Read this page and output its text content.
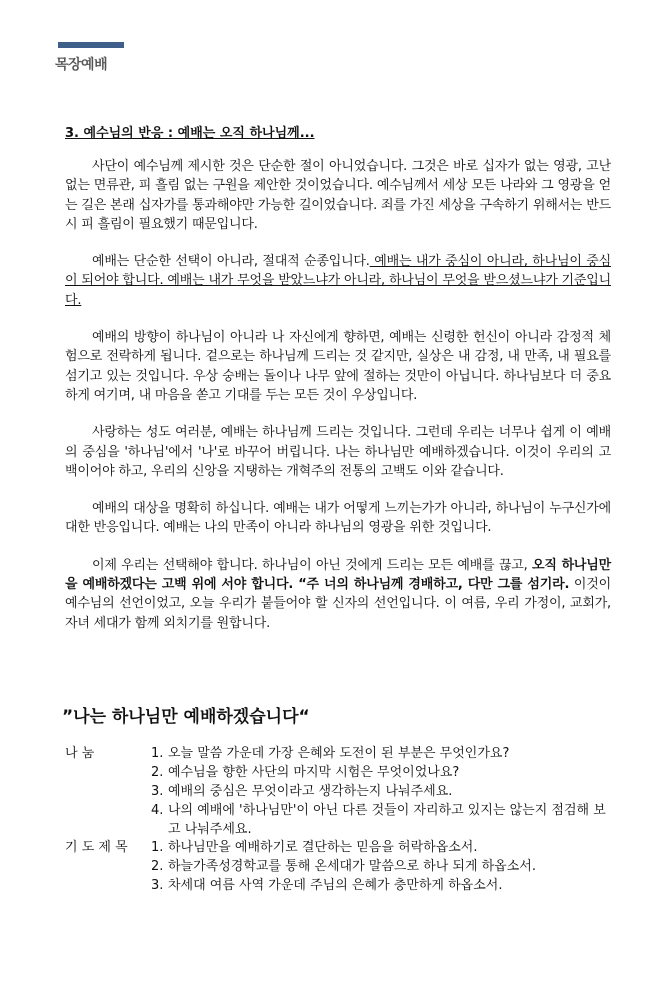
목장예배
3. 예수님의 반응 : 예배는 오직 하나님께...

사단이 예수님께 제시한 것은 단순한 절이 아니었습니다. 그것은 바로 십자가 없는 영광, 고난 없는 면류관, 피 흘림 없는 구원을 제안한 것이었습니다. 예수님께서 세상 모든 나라와 그 영광을 얻는 길은 본래 십자가를 통과해야만 가능한 길이었습니다. 죄를 가진 세상을 구속하기 위해서는 반드시 피 흘림이 필요했기 때문입니다.

예배는 단순한 선택이 아니라, 절대적 순종입니다. 예배는 내가 중심이 아니라, 하나님이 중심이 되어야 합니다. 예배는 내가 무엇을 받았느냐가 아니라, 하나님이 무엇을 받으셨느냐가 기준입니다.

예배의 방향이 하나님이 아니라 나 자신에게 향하면, 예배는 신령한 헌신이 아니라 감정적 체험으로 전락하게 됩니다. 겉으로는 하나님께 드리는 것 같지만, 실상은 내 감정, 내 만족, 내 필요를 섬기고 있는 것입니다. 우상 숭배는 돌이나 나무 앞에 절하는 것만이 아닙니다. 하나님보다 더 중요하게 여기며, 내 마음을 쏟고 기대를 두는 모든 것이 우상입니다.

사랑하는 성도 여러분, 예배는 하나님께 드리는 것입니다. 그런데 우리는 너무나 쉽게 이 예배의 중심을 '하나님'에서 '나'로 바꾸어 버립니다. 나는 하나님만 예배하겠습니다. 이것이 우리의 고백이어야 하고, 우리의 신앙을 지탱하는 개혁주의 전통의 고백도 이와 같습니다.

예배의 대상을 명확히 하십니다. 예배는 내가 어떻게 느끼는가가 아니라, 하나님이 누구신가에 대한 반응입니다. 예배는 나의 만족이 아니라 하나님의 영광을 위한 것입니다.

이제 우리는 선택해야 합니다. 하나님이 아닌 것에게 드리는 모든 예배를 끊고, 오직 하나님만을 예배하겠다는 고백 위에 서야 합니다. “주 너의 하나님께 경배하고, 다만 그를 섬기라. 이것이 예수님의 선언이었고, 오늘 우리가 붙들어야 할 신자의 선언입니다. 이 여름, 우리 가정이, 교회가, 자녀 세대가 함께 외치기를 원합니다.

”나는 하나님만 예배하겠습니다“
나 눔	1. 오늘 말씀 가운데 가장 은혜와 도전이 된 부분은 무엇인가요?
2. 예수님을 향한 사단의 마지막 시험은 무엇이었나요?
3. 예배의 중심은 무엇이라고 생각하는지 나눠주세요.
4. 나의 예배에 '하나님만'이 아닌 다른 것들이 자리하고 있지는 않는지 점검해 보고 나눠주세요.
기 도 제 목	1. 하나님만을 예배하기로 결단하는 믿음을 허락하옵소서.
2. 하늘가족성경학교를 통해 온세대가 말씀으로 하나 되게 하옵소서.
3. 차세대 여름 사역 가운데 주님의 은혜가 충만하게 하옵소서.
